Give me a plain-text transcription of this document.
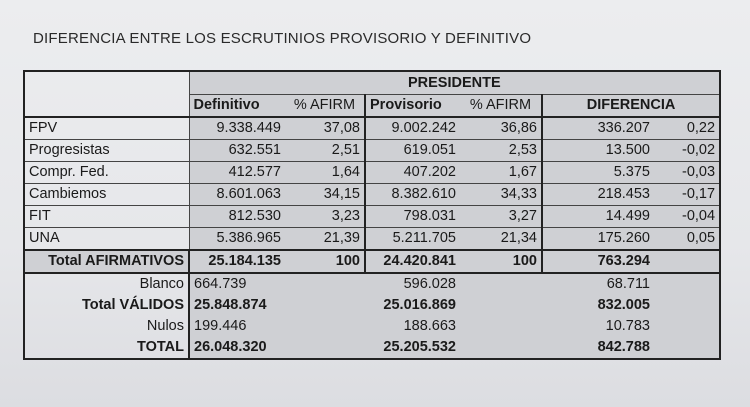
DIFERENCIA ENTRE LOS ESCRUTINIOS PROVISORIO Y DEFINITIVO
	PRESIDENTE					
	Definitivo	% AFIRM	Provisorio	% AFIRM	DIFERENCIA	
FPV	9.338.449	37,08	9.002.242	36,86	336.207	0,22
Progresistas	632.551	2,51	619.051	2,53	13.500	-0,02
Compr. Fed.	412.577	1,64	407.202	1,67	5.375	-0,03
Cambiemos	8.601.063	34,15	8.382.610	34,33	218.453	-0,17
FIT	812.530	3,23	798.031	3,27	14.499	-0,04
UNA	5.386.965	21,39	5.211.705	21,34	175.260	0,05
Total AFIRMATIVOS	25.184.135	100	24.420.841	100	763.294	
Blanco	664.739		596.028		68.711	
Total VÁLIDOS	25.848.874		25.016.869		832.005	
Nulos	199.446		188.663		10.783	
TOTAL	26.048.320		25.205.532		842.788	
